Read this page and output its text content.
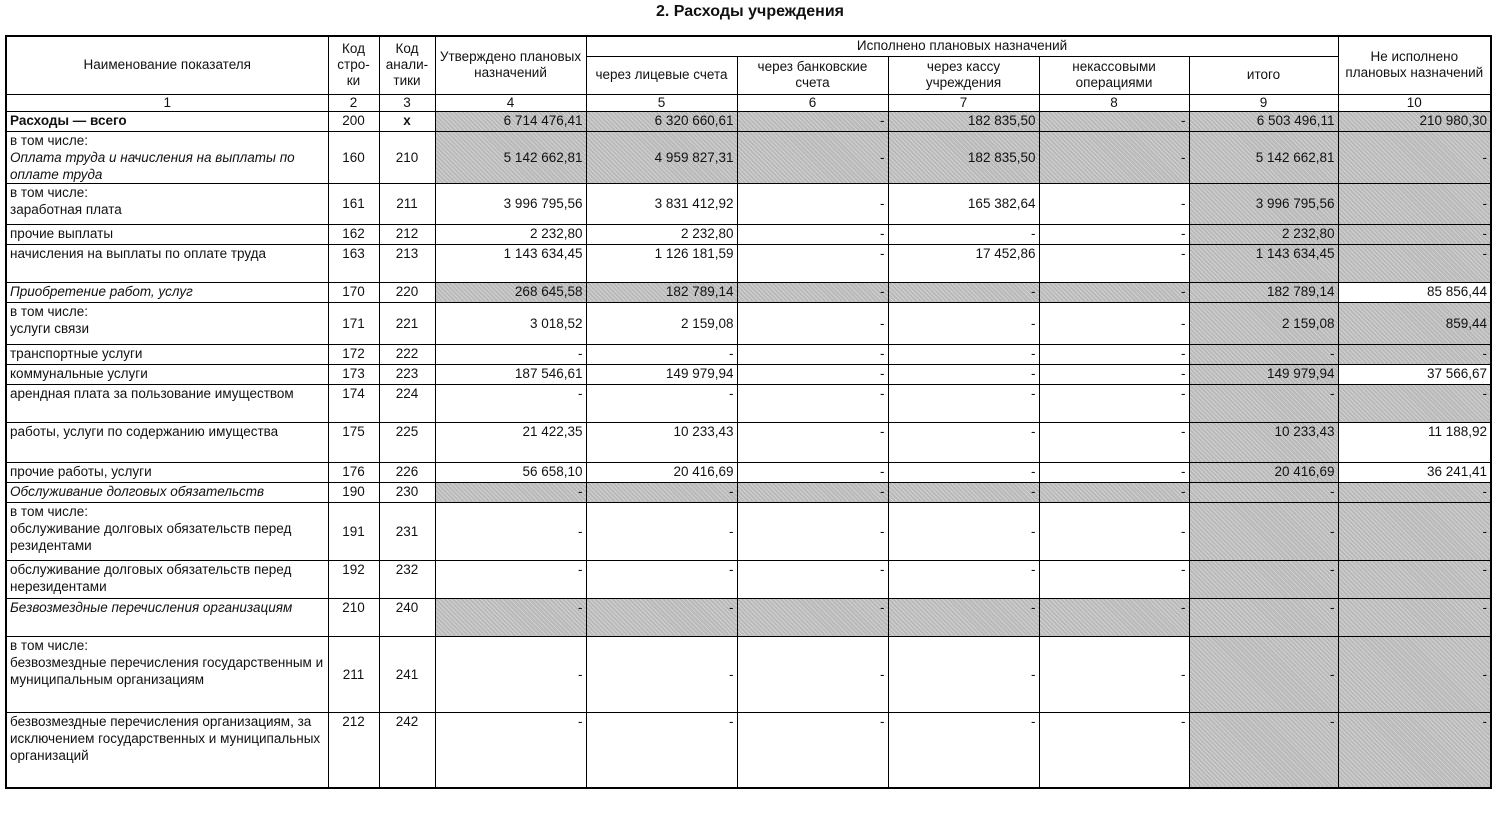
2. Расходы учреждения
Наименование показателя	Код стро-ки	Код анали-тики	Утверждено плановых назначений	Исполнено плановых назначений					Не исполнено плановых назначений
				через лицевые счета	через банковские счета	через кассу учреждения	некассовыми операциями	итого	
1	2	3	4	5	6	7	8	9	10

Расходы — всего	200	x	6 714 476,41	6 320 660,61	-	182 835,50	-	6 503 496,11	210 980,30

в том числе:
Оплата труда и начисления на выплаты по оплате труда	160	210	5 142 662,81	4 959 827,31	-	182 835,50	-	5 142 662,81	-

в том числе:
заработная плата	161	211	3 996 795,56	3 831 412,92	-	165 382,64	-	3 996 795,56	-

прочие выплаты	162	212	2 232,80	2 232,80	-	-	-	2 232,80	-

начисления на выплаты по оплате труда	163	213	1 143 634,45	1 126 181,59	-	17 452,86	-	1 143 634,45	-

Приобретение работ, услуг	170	220	268 645,58	182 789,14	-	-	-	182 789,14	85 856,44

в том числе:
услуги связи	171	221	3 018,52	2 159,08	-	-	-	2 159,08	859,44

транспортные услуги	172	222	-	-	-	-	-	-	-

коммунальные услуги	173	223	187 546,61	149 979,94	-	-	-	149 979,94	37 566,67

арендная плата за пользование имуществом	174	224	-	-	-	-	-	-	-

работы, услуги по содержанию имущества	175	225	21 422,35	10 233,43	-	-	-	10 233,43	11 188,92

прочие работы, услуги	176	226	56 658,10	20 416,69	-	-	-	20 416,69	36 241,41

Обслуживание долговых обязательств	190	230	-	-	-	-	-	-	-

в том числе:
обслуживание долговых обязательств перед резидентами	191	231	-	-	-	-	-	-	-

обслуживание долговых обязательств перед нерезидентами	192	232	-	-	-	-	-	-	-

Безвозмездные перечисления организациям	210	240	-	-	-	-	-	-	-

в том числе:
безвозмездные перечисления государственным и муниципальным организациям	211	241	-	-	-	-	-	-	-

безвозмездные перечисления организациям, за исключением государственных и муниципальных организаций	212	242	-	-	-	-	-	-	-
